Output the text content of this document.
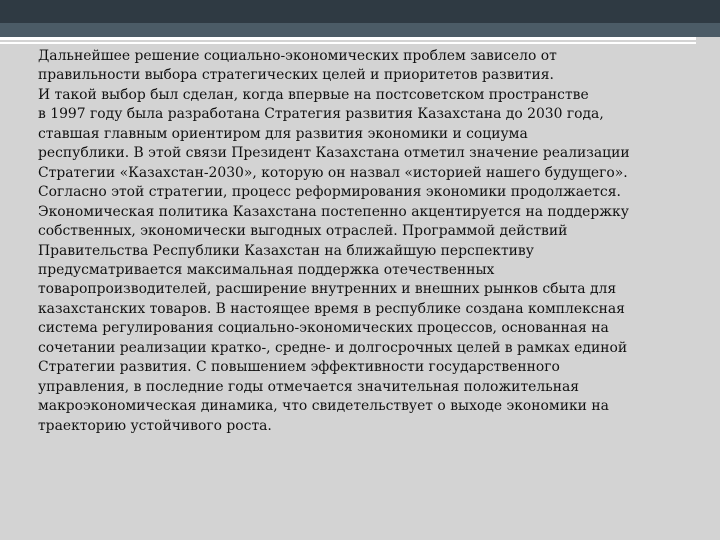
Дальнейшее решение социально-экономических проблем зависело от
правильности выбора стратегических целей и приоритетов развития.
И такой выбор был сделан, когда впервые на постсоветском пространстве
в 1997 году была разработана Стратегия развития Казахстана до 2030 года,
ставшая главным ориентиром для развития экономики и социума
республики. В этой связи Президент Казахстана отметил значение реализации
Стратегии «Казахстан-2030», которую он назвал «историей нашего будущего».
Согласно этой стратегии, процесс реформирования экономики продолжается.
Экономическая политика Казахстана постепенно акцентируется на поддержку
собственных, экономически выгодных отраслей. Программой действий
Правительства Республики Казахстан на ближайшую перспективу
предусматривается максимальная поддержка отечественных
товаропроизводителей, расширение внутренних и внешних рынков сбыта для
казахстанских товаров. В настоящее время в республике создана комплексная
система регулирования социально-экономических процессов, основанная на
сочетании реализации кратко-, средне- и долгосрочных целей в рамках единой
Стратегии развития. С повышением эффективности государственного
управления, в последние годы отмечается значительная положительная
макроэкономическая динамика, что свидетельствует о выходе экономики на
траекторию устойчивого роста.
